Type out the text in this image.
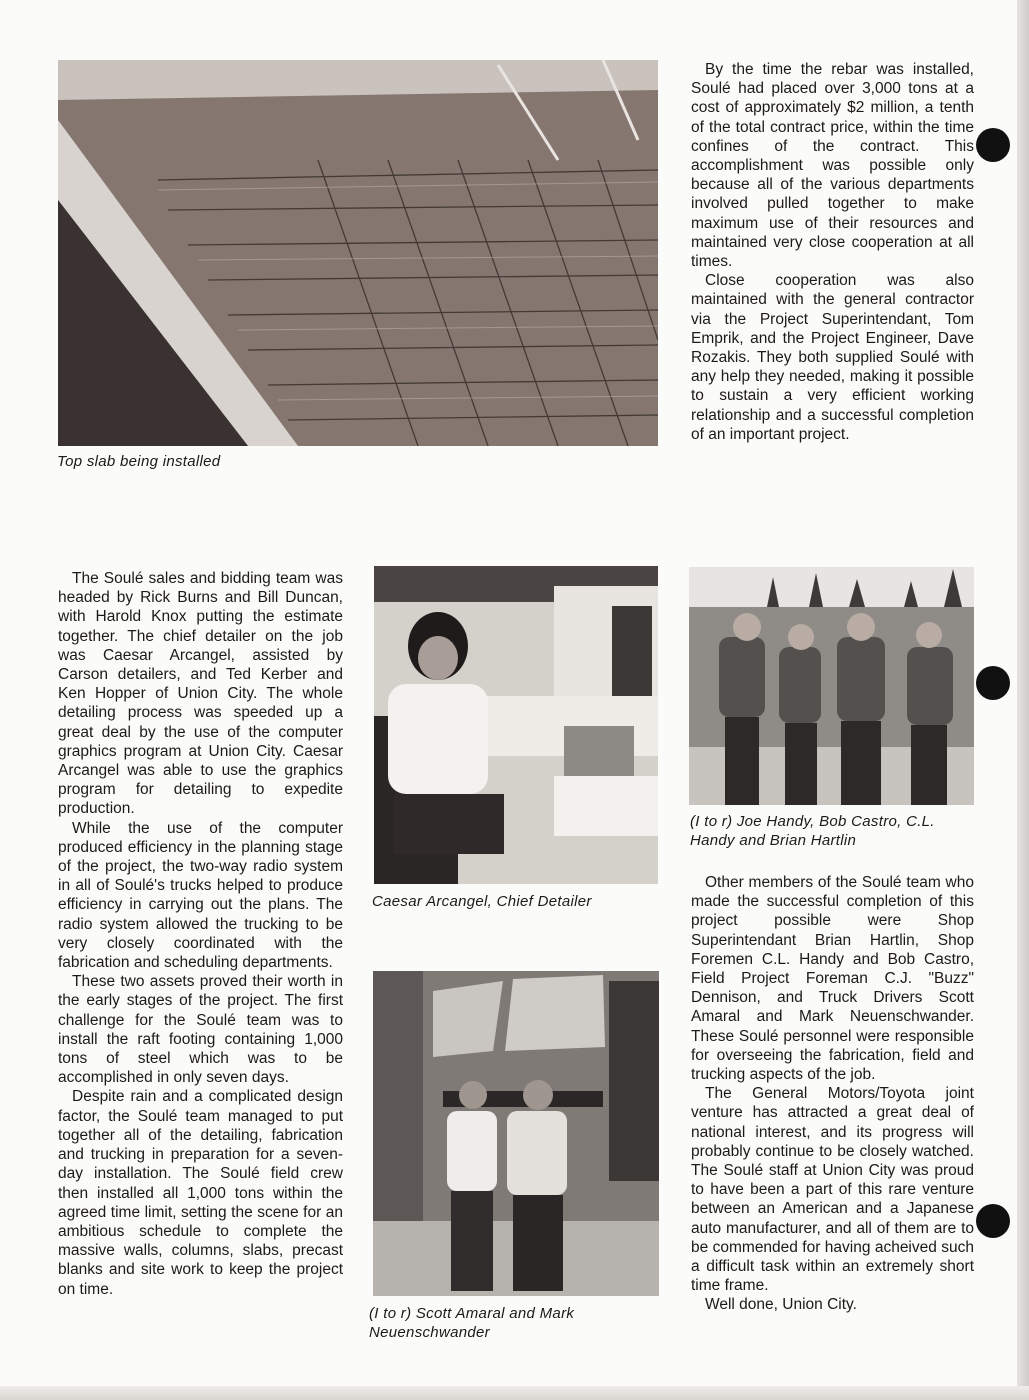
Top slab being installed

By the time the rebar was installed, Soulé had placed over 3,000 tons at a cost of approximately $2 million, a tenth of the total contract price, within the time confines of the contract. This accomplishment was possible only because all of the various departments involved pulled together to make maximum use of their resources and maintained very close cooperation at all times.

Close cooperation was also maintained with the general contractor via the Project Superintendant, Tom Emprik, and the Project Engineer, Dave Rozakis. They both supplied Soulé with any help they needed, making it possible to sustain a very efficient working relationship and a successful completion of an important project.

The Soulé sales and bidding team was headed by Rick Burns and Bill Duncan, with Harold Knox putting the estimate together. The chief detailer on the job was Caesar Arcangel, assisted by Carson detailers, and Ted Kerber and Ken Hopper of Union City. The whole detailing process was speeded up a great deal by the use of the computer graphics program at Union City. Caesar Arcangel was able to use the graphics program for detailing to expedite production.

While the use of the computer produced efficiency in the planning stage of the project, the two-way radio system in all of Soulé's trucks helped to produce efficiency in carrying out the plans. The radio system allowed the trucking to be very closely coordinated with the fabrication and scheduling departments.

These two assets proved their worth in the early stages of the project. The first challenge for the Soulé team was to install the raft footing containing 1,000 tons of steel which was to be accomplished in only seven days.

Despite rain and a complicated design factor, the Soulé team managed to put together all of the detailing, fabrication and trucking in preparation for a seven-day installation. The Soulé field crew then installed all 1,000 tons within the agreed time limit, setting the scene for an ambitious schedule to complete the massive walls, columns, slabs, precast blanks and site work to keep the project on time.

Caesar Arcangel, Chief Detailer
(I to r) Joe Handy, Bob Castro, C.L. Handy and Brian Hartlin
(I to r) Scott Amaral and Mark Neuenschwander

Other members of the Soulé team who made the successful completion of this project possible were Shop Superintendant Brian Hartlin, Shop Foremen C.L. Handy and Bob Castro, Field Project Foreman C.J. "Buzz" Dennison, and Truck Drivers Scott Amaral and Mark Neuenschwander. These Soulé personnel were responsible for overseeing the fabrication, field and trucking aspects of the job.

The General Motors/Toyota joint venture has attracted a great deal of national interest, and its progress will probably continue to be closely watched. The Soulé staff at Union City was proud to have been a part of this rare venture between an American and a Japanese auto manufacturer, and all of them are to be commended for having acheived such a difficult task within an extremely short time frame.

Well done, Union City.
